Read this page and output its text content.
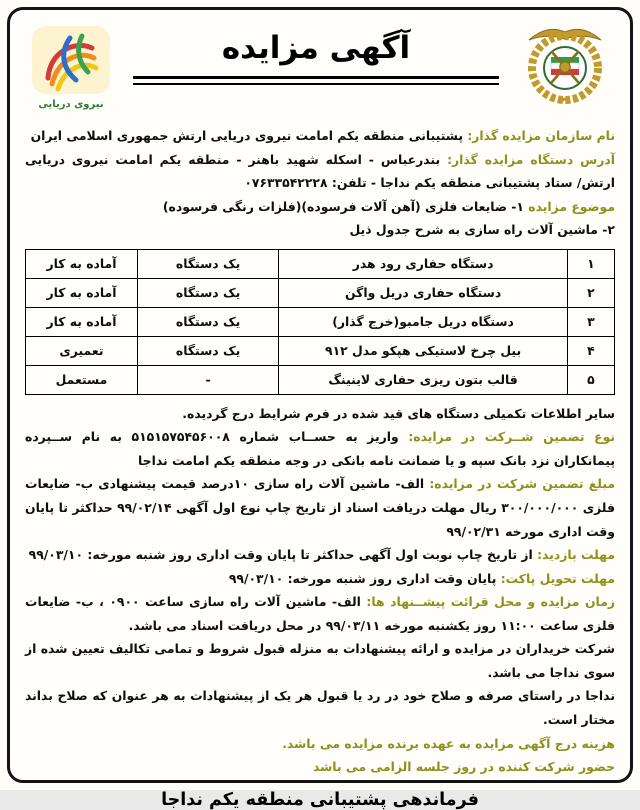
آگهی مزایده
نیروی دریایی

نام سازمان مزایده گذار: پشتیبانی منطقه یکم امامت نیروی دریایی ارتش جمهوری اسلامی ایران

آدرس دستگاه مزایده گذار: بندرعباس - اسکله شهید باهنر - منطقه یکم امامت نیروی دریایی ارتش/ ستاد پشتیبانی منطقه یکم نداجا - تلفن: ۰۷۶۳۳۵۴۲۲۲۸

موضوع مزایده ۱- ضایعات فلزی (آهن آلات فرسوده)(فلزات رنگی فرسوده)

۲- ماشین آلات راه سازی به شرح جدول ذیل

۱	دستگاه حفاری رود هدر	یک دستگاه	آماده به کار
۲	دستگاه حفاری دریل واگن	یک دستگاه	آماده به کار
۳	دستگاه دریل جامبو(خرج گذار)	یک دستگاه	آماده به کار
۴	بیل چرخ لاستیکی هپکو مدل ۹۱۲	یک دستگاه	تعمیری
۵	قالب بتون ریزی حفاری لاینینگ	-	مستعمل

سایر اطلاعات تکمیلی دستگاه های قید شده در فرم شرایط درج گردیده.

نوع تضمین شــرکت در مزایده: واریز به حســاب شماره ۵۱۵۱۵۷۵۴۵۶۰۰۸ به نام ســپرده پیمانکاران نزد بانک سپه و یا ضمانت نامه بانکی در وجه منطقه یکم امامت نداجا

مبلغ تضمین شرکت در مزایده: الف- ماشین آلات راه سازی ۱۰درصد قیمت پیشنهادی ب- ضایعات فلزی ۳۰۰/۰۰۰/۰۰۰ ریال مهلت دریافت اسناد از تاریخ چاپ نوع اول آگهی ۹۹/۰۲/۱۴ حداکثر تا پایان وقت اداری مورخه ۹۹/۰۲/۳۱

مهلت بازدید: از تاریخ چاپ نوبت اول آگهی حداکثر تا پایان وقت اداری روز شنبه مورخه: ۹۹/۰۳/۱۰

مهلت تحویل پاکت: پایان وقت اداری روز شنبه مورخه: ۹۹/۰۳/۱۰

زمان مزایده و محل قرائت پیشــنهاد ها: الف- ماشین آلات راه سازی ساعت ۰۹۰۰ ، ب- ضایعات فلزی ساعت ۱۱:۰۰ روز یکشنبه مورخه ۹۹/۰۳/۱۱ در محل دریافت اسناد می باشد.

شرکت خریداران در مزایده و ارائه پیشنهادات به منزله قبول شروط و تمامی تکالیف تعیین شده از سوی نداجا می باشد.

نداجا در راستای صرفه و صلاح خود در رد یا قبول هر یک از پیشنهادات به هر عنوان که صلاح بداند مختار است.

هزینه درج آگهی مزایده به عهده برنده مزایده می باشد.

حضور شرکت کننده در روز جلسه الزامی می باشد

فرماندهی پشتیبانی منطقه یکم نداجا
